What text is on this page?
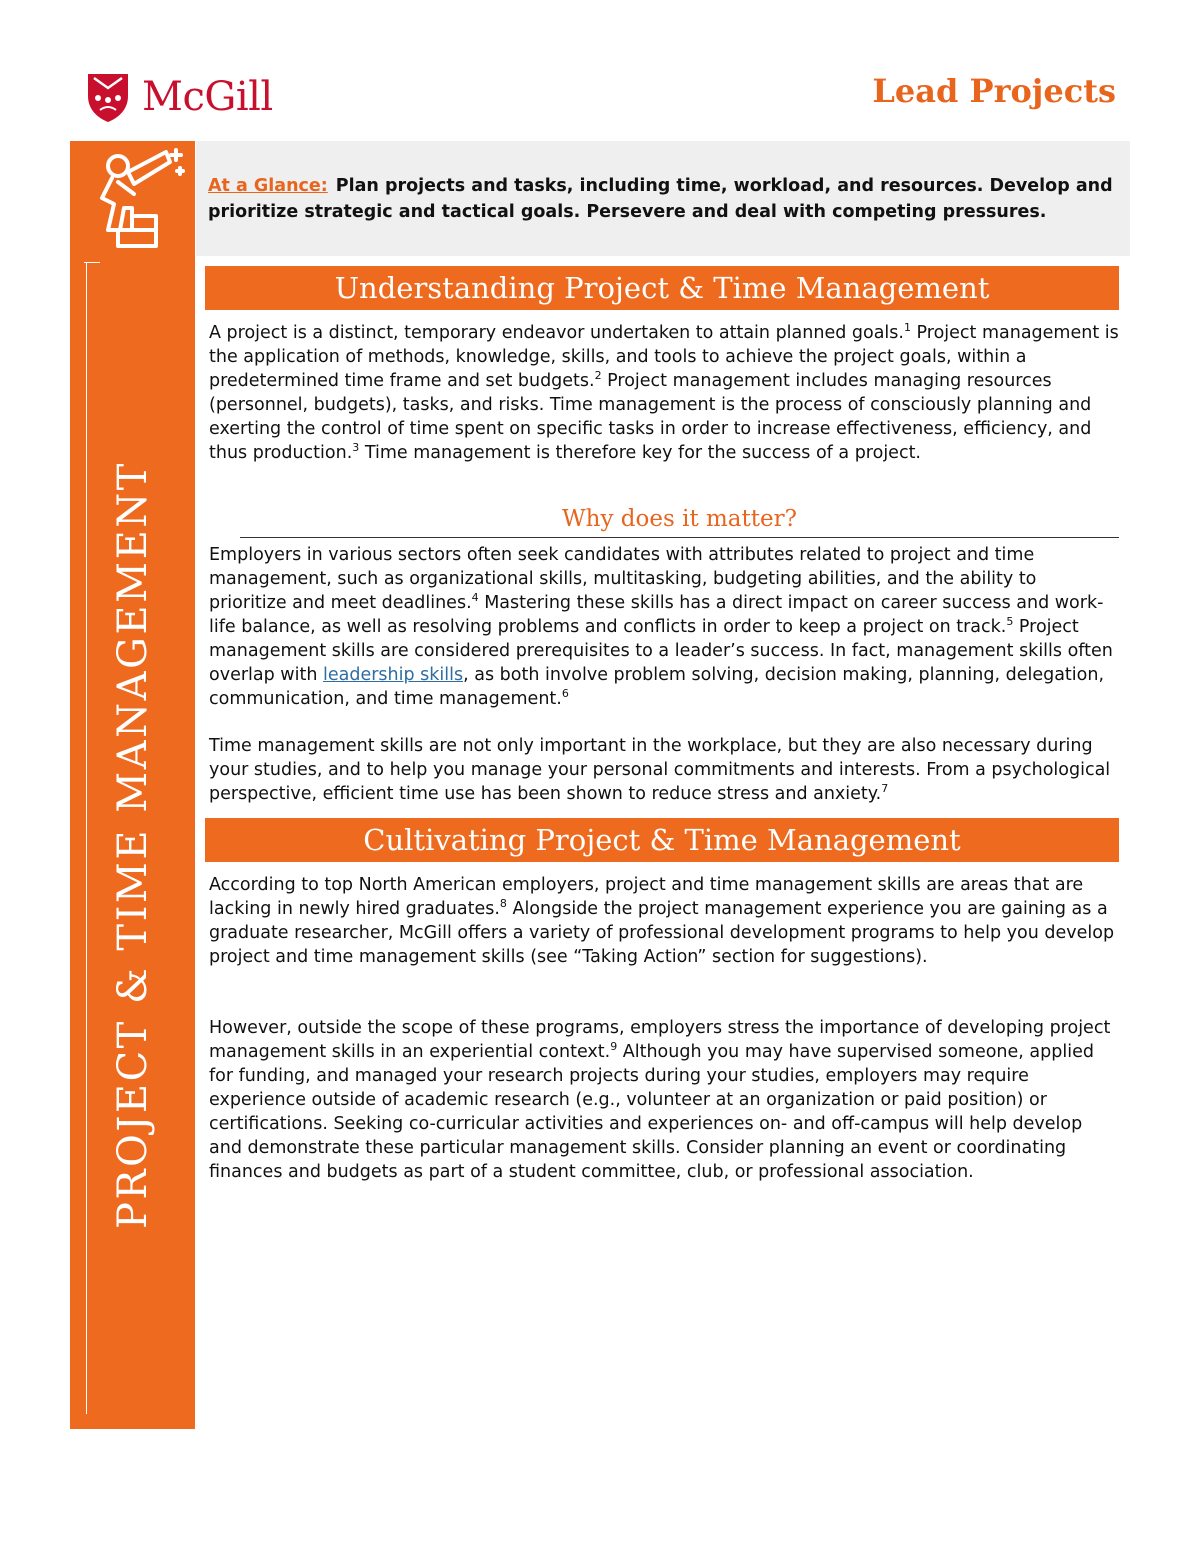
McGill	Lead Projects
PROJECT & TIME MANAGEMENT

At a Glance: Plan projects and tasks, including time, workload, and resources. Develop and prioritize strategic and tactical goals. Persevere and deal with competing pressures.

Understanding Project & Time Management

A project is a distinct, temporary endeavor undertaken to attain planned goals.$^1$ Project management is the application of methods, knowledge, skills, and tools to achieve the project goals, within a predetermined time frame and set budgets.$^2$ Project management includes managing resources (personnel, budgets), tasks, and risks. Time management is the process of consciously planning and exerting the control of time spent on specific tasks in order to increase effectiveness, efficiency, and thus production.$^3$ Time management is therefore key for the success of a project.

Why does it matter?

Employers in various sectors often seek candidates with attributes related to project and time management, such as organizational skills, multitasking, budgeting abilities, and the ability to prioritize and meet deadlines.$^4$ Mastering these skills has a direct impact on career success and work-life balance, as well as resolving problems and conflicts in order to keep a project on track.$^5$ Project management skills are considered prerequisites to a leader’s success. In fact, management skills often overlap with leadership skills, as both involve problem solving, decision making, planning, delegation, communication, and time management.$^6$

Time management skills are not only important in the workplace, but they are also necessary during your studies, and to help you manage your personal commitments and interests. From a psychological perspective, efficient time use has been shown to reduce stress and anxiety.$^7$

Cultivating Project & Time Management

According to top North American employers, project and time management skills are areas that are lacking in newly hired graduates.$^8$ Alongside the project management experience you are gaining as a graduate researcher, McGill offers a variety of professional development programs to help you develop project and time management skills (see “Taking Action” section for suggestions).

However, outside the scope of these programs, employers stress the importance of developing project management skills in an experiential context.$^9$ Although you may have supervised someone, applied for funding, and managed your research projects during your studies, employers may require experience outside of academic research (e.g., volunteer at an organization or paid position) or certifications. Seeking co-curricular activities and experiences on- and off-campus will help develop and demonstrate these particular management skills. Consider planning an event or coordinating finances and budgets as part of a student committee, club, or professional association.
